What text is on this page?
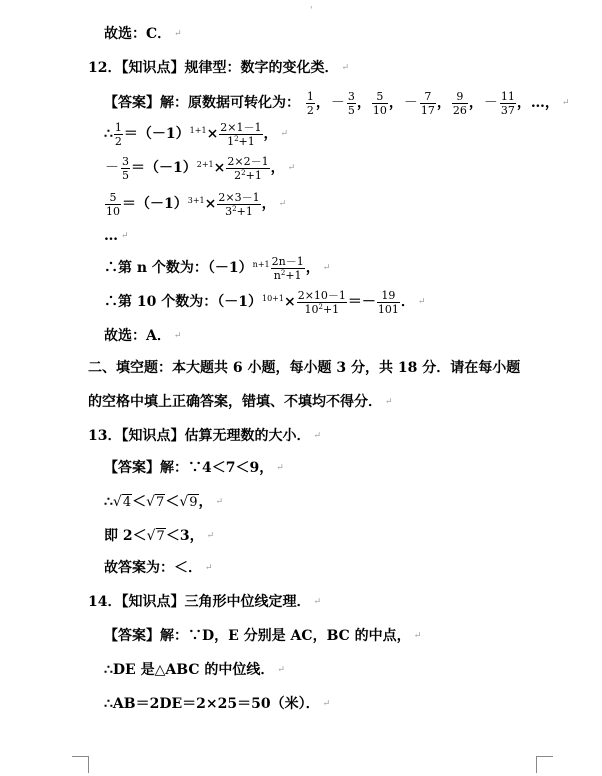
'
故选：C． ↵
12．【知识点】规律型：数字的变化类． ↵
【答案】解：原数据可转化为： $\frac{1}{2}$ ，－ $\frac{3}{5}$ ， $\frac{5}{10}$ ，－ $\frac{7}{17}$ ， $\frac{9}{26}$ ，－ $\frac{11}{37}$ ，…， ↵
∴ $\frac{1}{2} =(-1)^{1+1}\times \frac{2\times 1-1}{1^2+1}$ ， ↵
－ $\frac{3}{5} =(-1)^{2+1}\times \frac{2\times 2-1}{2^2+1}$ ， ↵
$\frac{5}{10} =(-1)^{3+1}\times \frac{2\times 3-1}{3^2+1}$ ， ↵
… ↵
∴第 n 个数为：$(-1)^{n+1} \frac{2n-1}{n^2+1}$ ， ↵
∴第 10 个数为：$(-1)^{10+1}\times \frac{2\times 10-1}{10^2+1} =- \frac{19}{101}$ ． ↵
故选：A． ↵
二、填空题：本大题共 6 小题，每小题 3 分，共 18 分．请在每小题
的空格中填上正确答案，错填、不填均不得分． ↵
13．【知识点】估算无理数的大小． ↵
【答案】解：∵4＜7＜9， ↵
∴√4＜√7＜√9， ↵
即 2＜√7＜3， ↵
故答案为：＜． ↵
14．【知识点】三角形中位线定理． ↵
【答案】解：∵D，E 分别是 AC，BC 的中点， ↵
∴DE 是△ABC 的中位线． ↵
∴AB＝2DE＝2×25＝50（米）． ↵
